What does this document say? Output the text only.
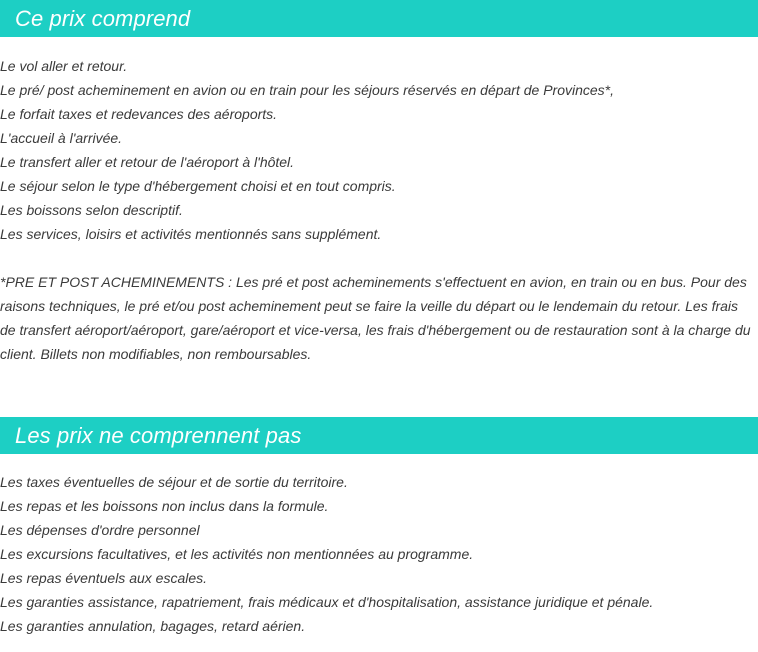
Ce prix comprend
Le vol aller et retour.
Le pré/ post acheminement en avion ou en train pour les séjours réservés en départ de Provinces*,
Le forfait taxes et redevances des aéroports.
L'accueil à l'arrivée.
Le transfert aller et retour de l'aéroport à l'hôtel.
Le séjour selon le type d'hébergement choisi et en tout compris.
Les boissons selon descriptif.
Les services, loisirs et activités mentionnés sans supplément.

*PRE ET POST ACHEMINEMENTS : Les pré et post acheminements s'effectuent en avion, en train ou en bus. Pour des raisons techniques, le pré et/ou post acheminement peut se faire la veille du départ ou le lendemain du retour. Les frais de transfert aéroport/aéroport, gare/aéroport et vice-versa, les frais d'hébergement ou de restauration sont à la charge du client. Billets non modifiables, non remboursables.

Les prix ne comprennent pas
Les taxes éventuelles de séjour et de sortie du territoire.
Les repas et les boissons non inclus dans la formule.
Les dépenses d'ordre personnel
Les excursions facultatives, et les activités non mentionnées au programme.
Les repas éventuels aux escales.
Les garanties assistance, rapatriement, frais médicaux et d'hospitalisation, assistance juridique et pénale.
Les garanties annulation, bagages, retard aérien.
